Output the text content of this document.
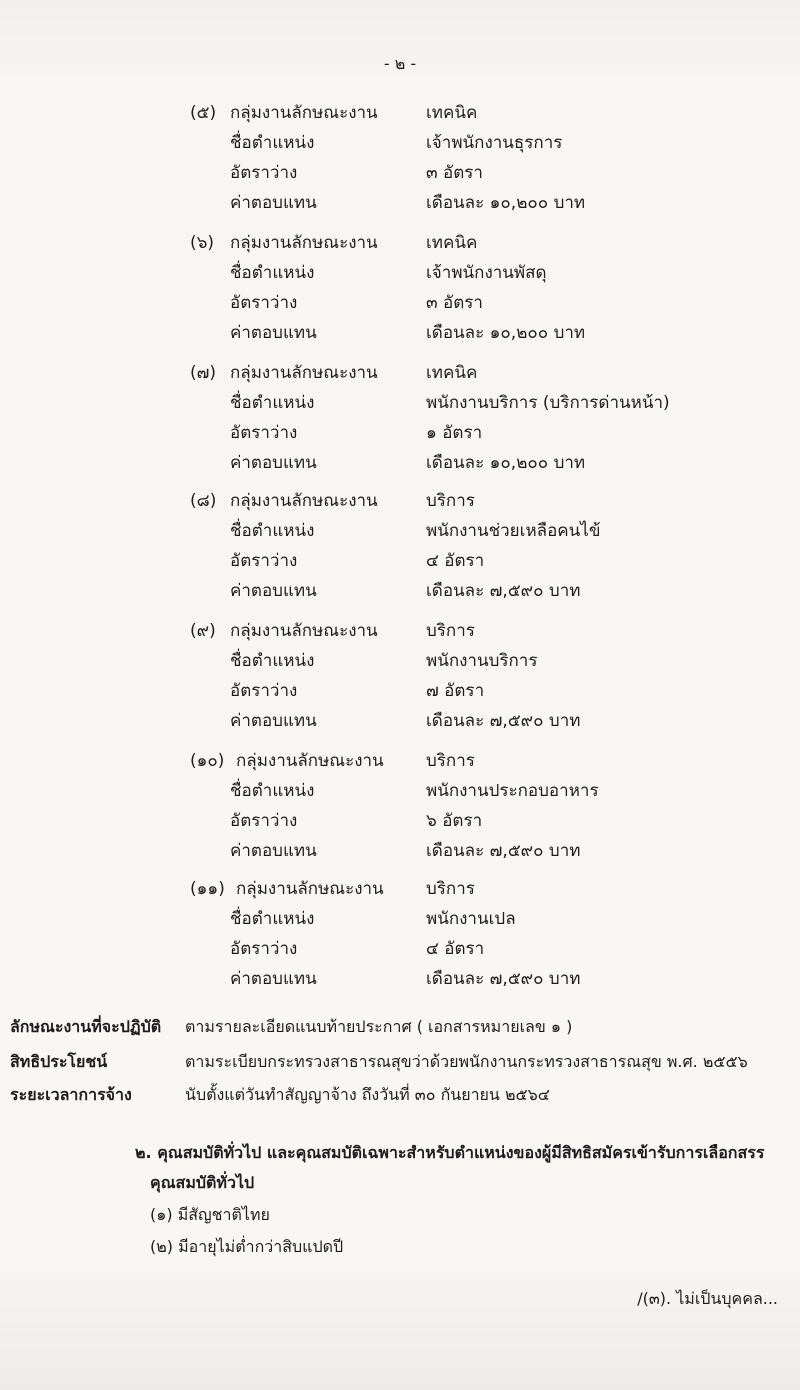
- ๒ -
(๕) กลุ่มงานลักษณะงาน	เทคนิค
ชื่อตำแหน่ง	เจ้าพนักงานธุรการ
อัตราว่าง	๓ อัตรา
ค่าตอบแทน	เดือนละ ๑๐,๒๐๐ บาท
(๖) กลุ่มงานลักษณะงาน	เทคนิค
ชื่อตำแหน่ง	เจ้าพนักงานพัสดุ
อัตราว่าง	๓ อัตรา
ค่าตอบแทน	เดือนละ ๑๐,๒๐๐ บาท
(๗) กลุ่มงานลักษณะงาน	เทคนิค
ชื่อตำแหน่ง	พนักงานบริการ (บริการด่านหน้า)
อัตราว่าง	๑ อัตรา
ค่าตอบแทน	เดือนละ ๑๐,๒๐๐ บาท
(๘) กลุ่มงานลักษณะงาน	บริการ
ชื่อตำแหน่ง	พนักงานช่วยเหลือคนไข้
อัตราว่าง	๔ อัตรา
ค่าตอบแทน	เดือนละ ๗,๕๙๐ บาท
(๙) กลุ่มงานลักษณะงาน	บริการ
ชื่อตำแหน่ง	พนักงานบริการ
อัตราว่าง	๗ อัตรา
ค่าตอบแทน	เดือนละ ๗,๕๙๐ บาท
(๑๐) กลุ่มงานลักษณะงาน บริการ
ชื่อตำแหน่ง	พนักงานประกอบอาหาร
อัตราว่าง	๖ อัตรา
ค่าตอบแทน	เดือนละ ๗,๕๙๐ บาท
(๑๑) กลุ่มงานลักษณะงาน บริการ
ชื่อตำแหน่ง	พนักงานเปล
อัตราว่าง	๔ อัตรา
ค่าตอบแทน	เดือนละ ๗,๕๙๐ บาท
ลักษณะงานที่จะปฏิบัติ ตามรายละเอียดแนบท้ายประกาศ ( เอกสารหมายเลข ๑ )
สิทธิประโยชน์	ตามระเบียบกระทรวงสาธารณสุขว่าด้วยพนักงานกระทรวงสาธารณสุข พ.ศ. ๒๕๕๖
ระยะเวลาการจ้าง	นับตั้งแต่วันทำสัญญาจ้าง ถึงวันที่ ๓๐ กันยายน ๒๕๖๔
๒. คุณสมบัติทั่วไป และคุณสมบัติเฉพาะสำหรับตำแหน่งของผู้มีสิทธิสมัครเข้ารับการเลือกสรร
คุณสมบัติทั่วไป
(๑) มีสัญชาติไทย
(๒) มีอายุไม่ต่ำกว่าสิบแปดปี
/(๓). ไม่เป็นบุคคล...
